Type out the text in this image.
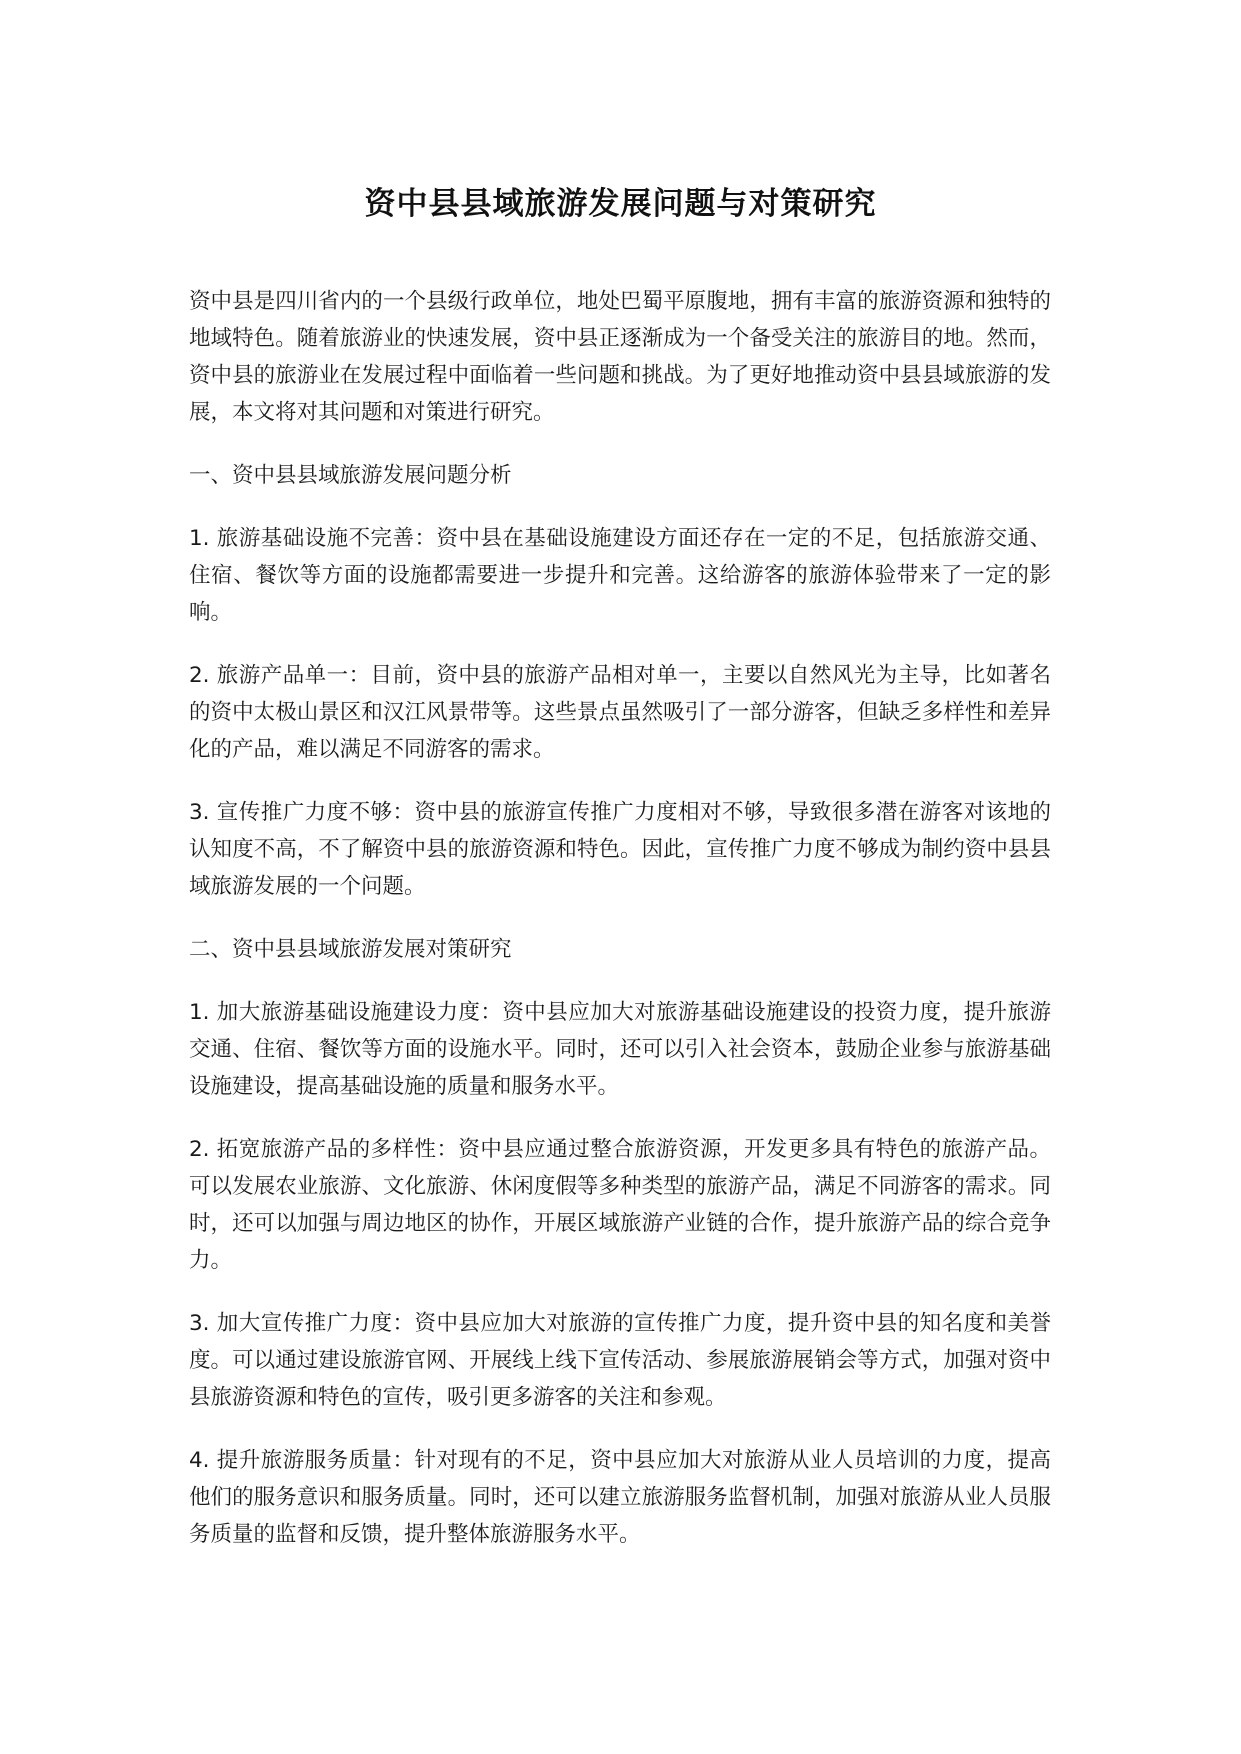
资中县县域旅游发展问题与对策研究

资中县是四川省内的一个县级行政单位，地处巴蜀平原腹地，拥有丰富的旅游资源和独特的地域特色。随着旅游业的快速发展，资中县正逐渐成为一个备受关注的旅游目的地。然而，资中县的旅游业在发展过程中面临着一些问题和挑战。为了更好地推动资中县县域旅游的发展，本文将对其问题和对策进行研究。

一、资中县县域旅游发展问题分析

1. 旅游基础设施不完善：资中县在基础设施建设方面还存在一定的不足，包括旅游交通、住宿、餐饮等方面的设施都需要进一步提升和完善。这给游客的旅游体验带来了一定的影响。

2. 旅游产品单一：目前，资中县的旅游产品相对单一，主要以自然风光为主导，比如著名的资中太极山景区和汉江风景带等。这些景点虽然吸引了一部分游客，但缺乏多样性和差异化的产品，难以满足不同游客的需求。

3. 宣传推广力度不够：资中县的旅游宣传推广力度相对不够，导致很多潜在游客对该地的认知度不高，不了解资中县的旅游资源和特色。因此，宣传推广力度不够成为制约资中县县域旅游发展的一个问题。

二、资中县县域旅游发展对策研究

1. 加大旅游基础设施建设力度：资中县应加大对旅游基础设施建设的投资力度，提升旅游交通、住宿、餐饮等方面的设施水平。同时，还可以引入社会资本，鼓励企业参与旅游基础设施建设，提高基础设施的质量和服务水平。

2. 拓宽旅游产品的多样性：资中县应通过整合旅游资源，开发更多具有特色的旅游产品。可以发展农业旅游、文化旅游、休闲度假等多种类型的旅游产品，满足不同游客的需求。同时，还可以加强与周边地区的协作，开展区域旅游产业链的合作，提升旅游产品的综合竞争力。

3. 加大宣传推广力度：资中县应加大对旅游的宣传推广力度，提升资中县的知名度和美誉度。可以通过建设旅游官网、开展线上线下宣传活动、参展旅游展销会等方式，加强对资中县旅游资源和特色的宣传，吸引更多游客的关注和参观。

4. 提升旅游服务质量：针对现有的不足，资中县应加大对旅游从业人员培训的力度，提高他们的服务意识和服务质量。同时，还可以建立旅游服务监督机制，加强对旅游从业人员服务质量的监督和反馈，提升整体旅游服务水平。
